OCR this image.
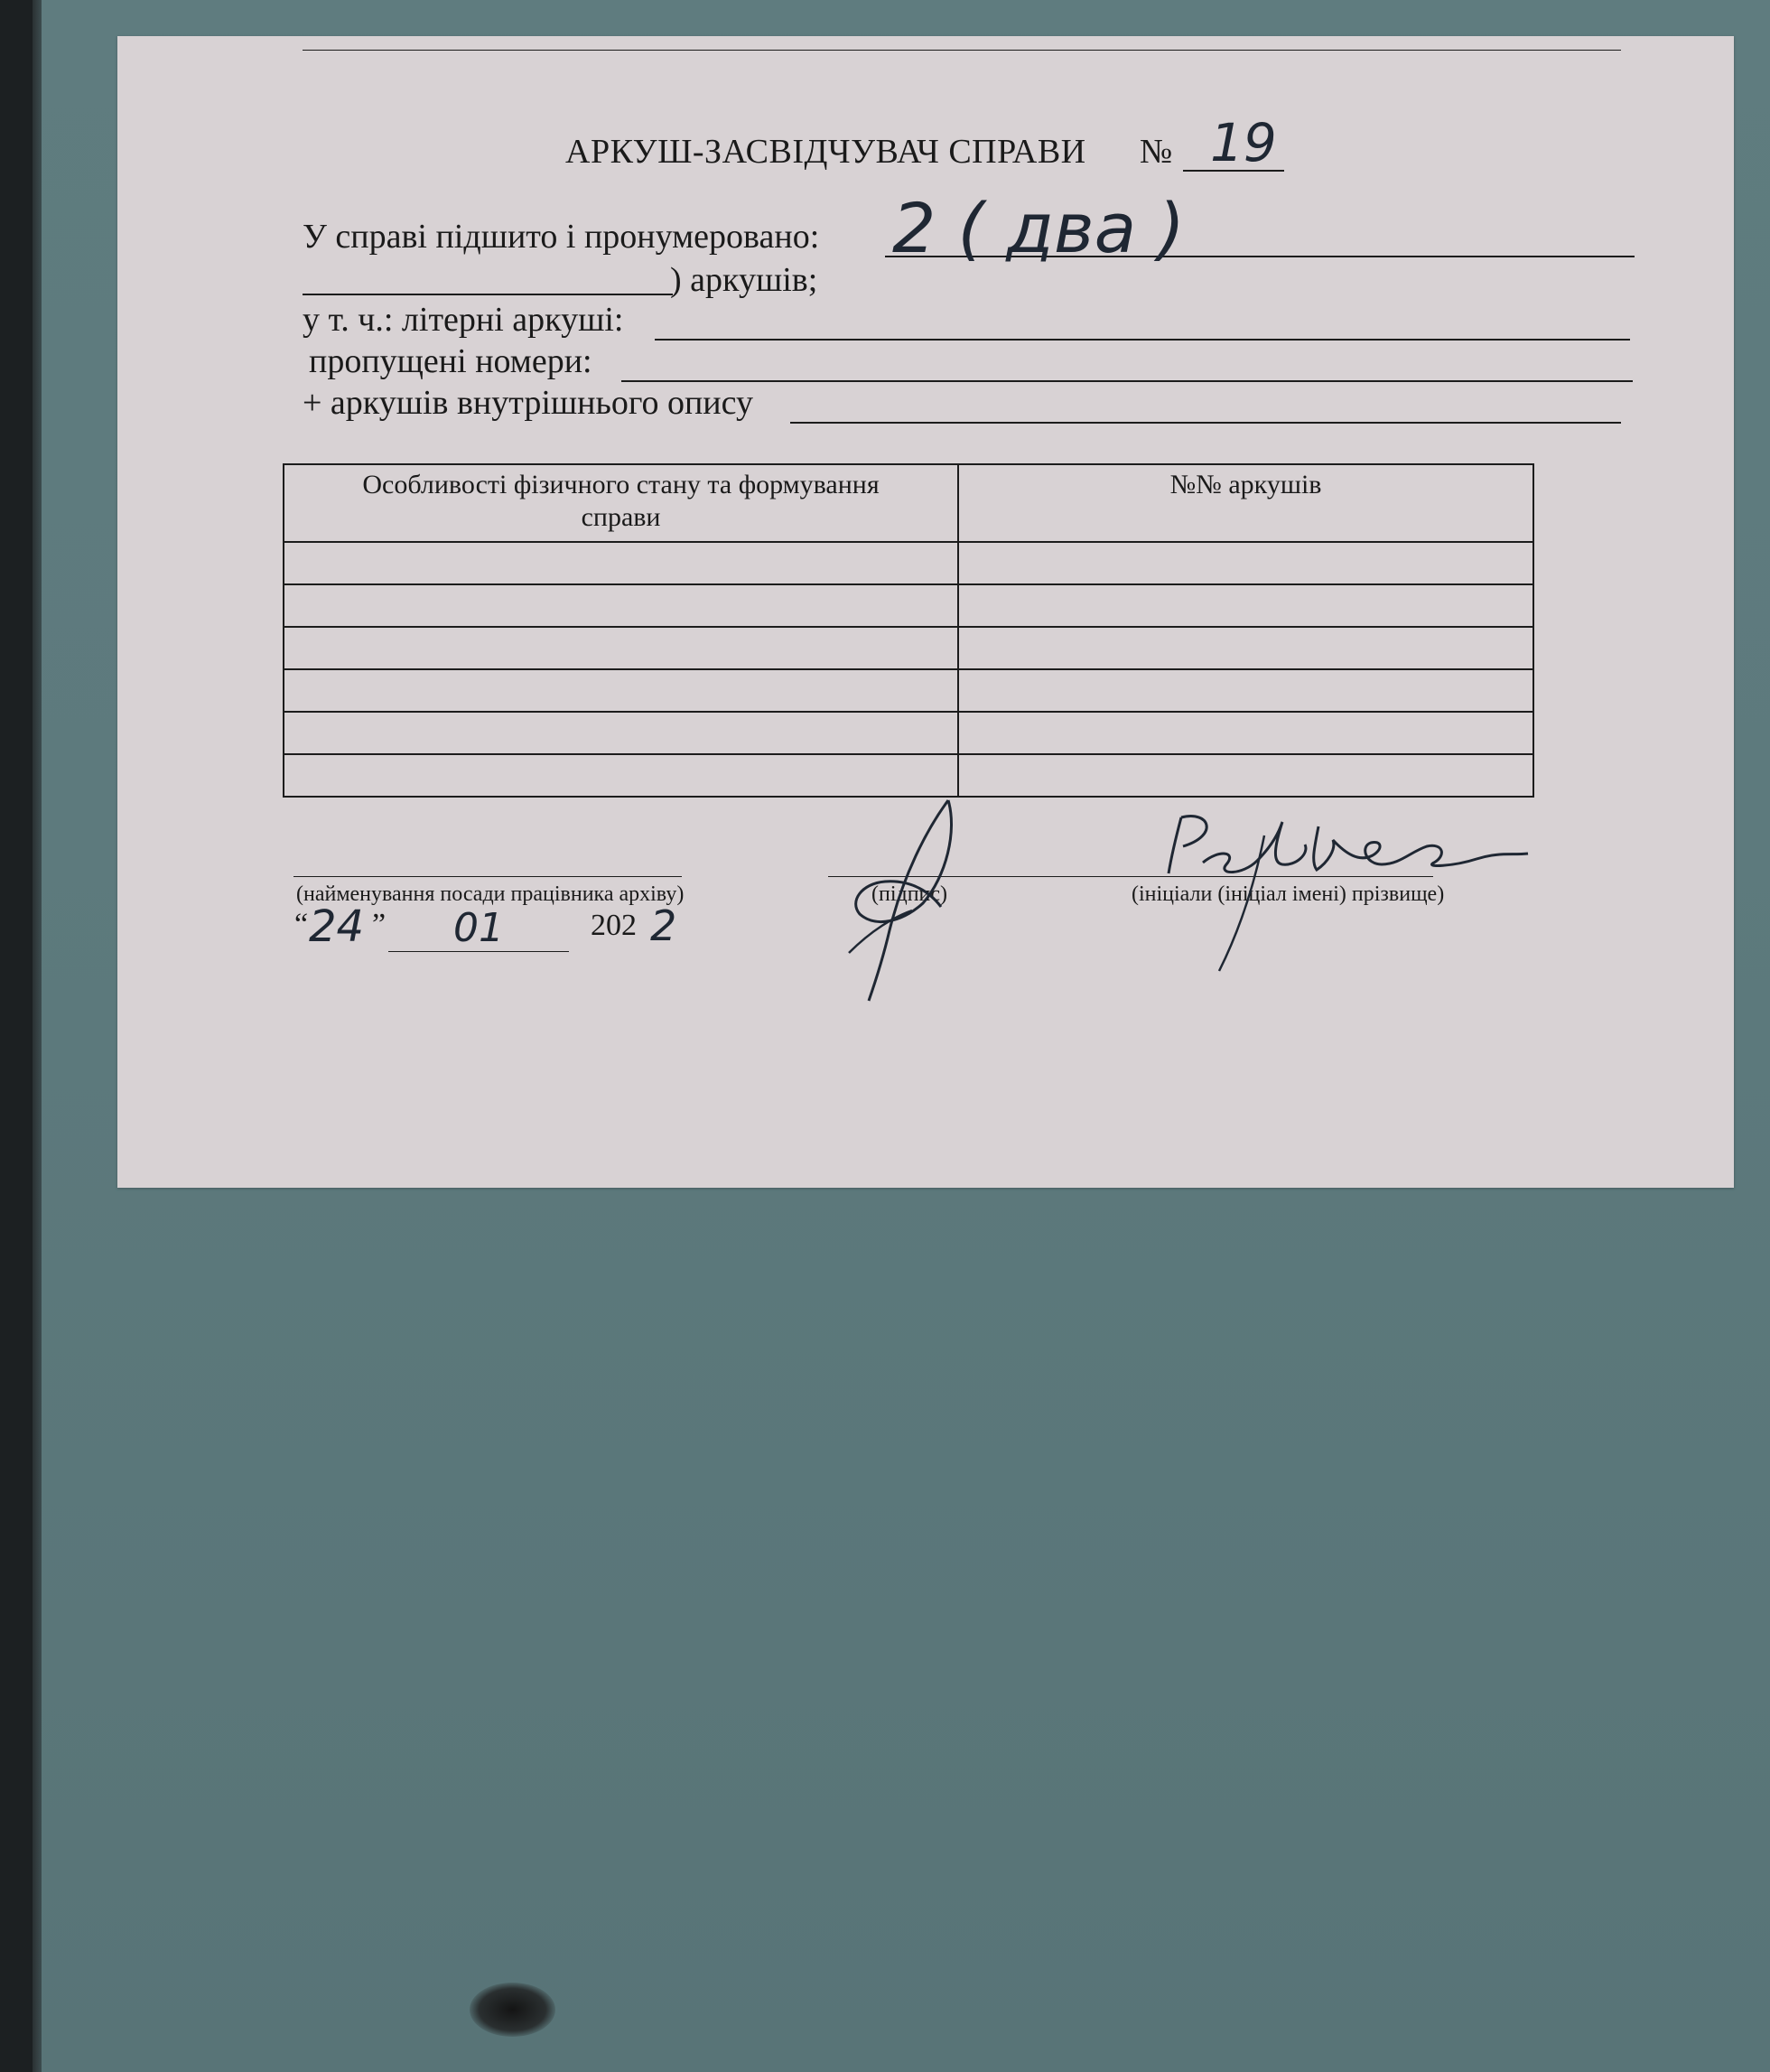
АРКУШ-ЗАСВІДЧУВАЧ СПРАВИ № 19
У справі підшито і пронумеровано: 2 ( два )
) аркушів;
у т. ч.: літерні аркуші:
пропущені номери:
+ аркушів внутрішнього опису
Особливості фізичного стану та формування справи	№№ аркушів

(найменування посади працівника архіву)	(підпис)	(ініціали (ініціал імені) прізвище)
“ 24 ” 01	202 2
